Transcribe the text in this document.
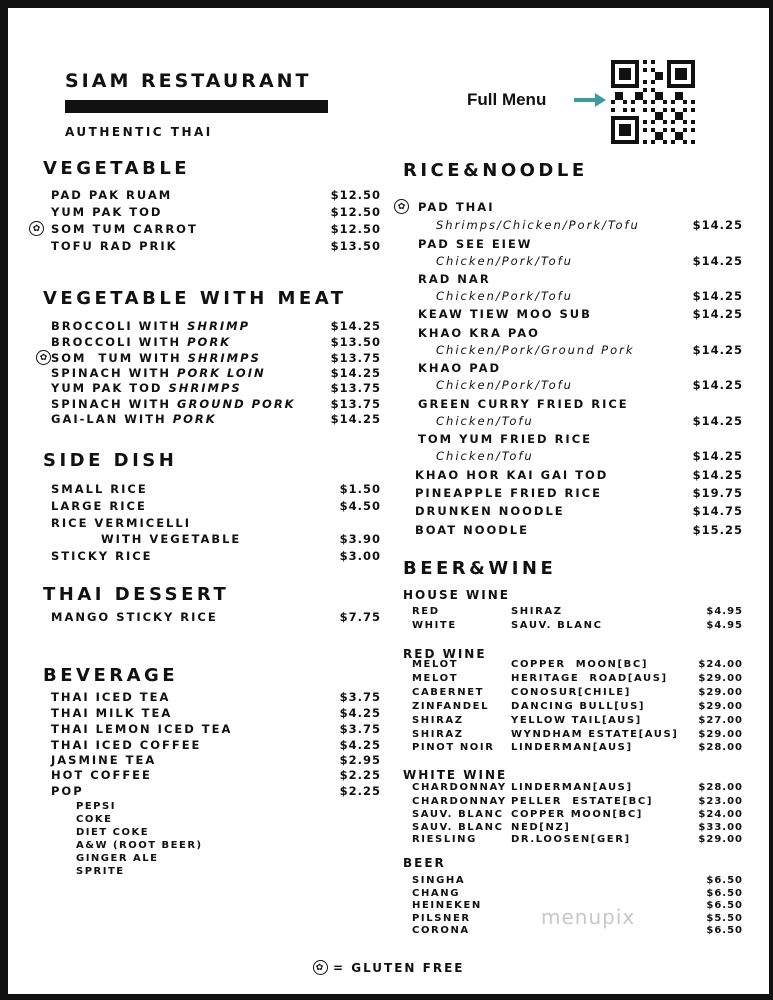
SIAM RESTAURANT
AUTHENTIC THAI
Full Menu
VEGETABLE
PAD PAK RUAM	$12.50
YUM PAK TOD	$12.50
SOM TUM CARROT	$12.50
✿
TOFU RAD PRIK	$13.50
VEGETABLE WITH MEAT
BROCCOLI WITH SHRIMP	$14.25
BROCCOLI WITH PORK	$13.50
SOM  TUM WITH SHRIMPS	$13.75
✿
SPINACH WITH PORK LOIN	$14.25
YUM PAK TOD SHRIMPS	$13.75
SPINACH WITH GROUND PORK	$13.75
GAI-LAN WITH PORK	$14.25
SIDE DISH
SMALL RICE	$1.50
LARGE RICE	$4.50
RICE VERMICELLI
WITH VEGETABLE	$3.90
STICKY RICE	$3.00
THAI DESSERT
MANGO STICKY RICE	$7.75
BEVERAGE
THAI ICED TEA	$3.75
THAI MILK TEA	$4.25
THAI LEMON ICED TEA	$3.75
THAI ICED COFFEE	$4.25
JASMINE TEA	$2.95
HOT COFFEE	$2.25
POP	$2.25
PEPSI
COKE
DIET COKE
A&W (ROOT BEER)
GINGER ALE
SPRITE
RICE&NOODLE
PAD THAI
Shrimps/Chicken/Pork/Tofu	$14.25
PAD SEE EIEW
Chicken/Pork/Tofu	$14.25
RAD NAR
Chicken/Pork/Tofu	$14.25
KEAW TIEW MOO SUB	$14.25
KHAO KRA PAO
Chicken/Pork/Ground Pork	$14.25
KHAO PAD
Chicken/Pork/Tofu	$14.25
GREEN CURRY FRIED RICE
Chicken/Tofu	$14.25
TOM YUM FRIED RICE
Chicken/Tofu	$14.25
KHAO HOR KAI GAI TOD	$14.25
PINEAPPLE FRIED RICE	$19.75
DRUNKEN NOODLE	$14.75
BOAT NOODLE	$15.25
✿
BEER&WINE
HOUSE WINE
RED	SHIRAZ	$4.95
WHITE	SAUV. BLANC	$4.95
RED WINE
MELOT	COPPER  MOON[BC]	$24.00
MELOT	HERITAGE  ROAD[AUS]	$29.00
CABERNET	CONOSUR[CHILE]	$29.00
ZINFANDEL DANCING BULL[US]	$29.00
SHIRAZ	YELLOW TAIL[AUS]	$27.00
SHIRAZ	WYNDHAM ESTATE[AUS] $29.00
PINOT NOIR LINDERMAN[AUS]	$28.00
WHITE WINE
CHARDONNAY LINDERMAN[AUS]	$28.00
CHARDONNAY PELLER  ESTATE[BC]	$23.00
SAUV. BLANC COPPER MOON[BC]	$24.00
SAUV. BLANC NED[NZ]	$33.00
RIESLING	DR.LOOSEN[GER]	$29.00
BEER
SINGHA	$6.50
CHANG	$6.50
HEINEKEN	$6.50
PILSNER	$5.50
CORONA	$6.50
menupix
✿ = GLUTEN FREE
